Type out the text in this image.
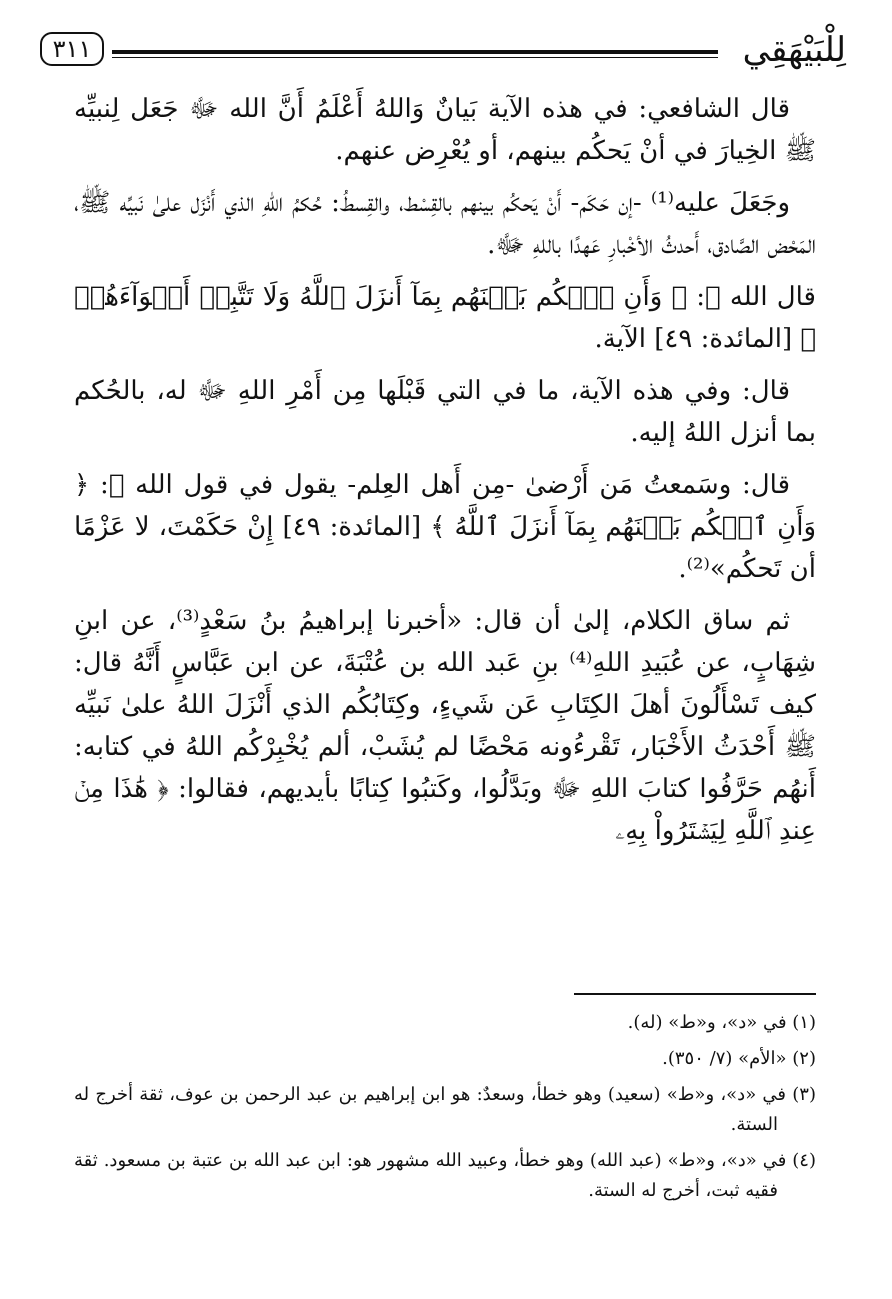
لِلْبَيْهَقِي
٣١١

قال الشافعي: في هذه الآية بَيانٌ وَاللهُ أَعْلَمُ أَنَّ الله ﷻ جَعَل لِنبيِّه ﷺ الخِيارَ في أنْ يَحكُم بينهم، أو يُعْرِض عنهم.

وجَعَلَ عليه⁽¹⁾ -إن حَكَم- أَنْ يَحكُم بينهم بالقِسْط، والقِسطُ: حُكمُ اللهِ الذي أَنْزَل علىٰ نَبيِّه ﷺ، المَحْض الصَّادق، أَحدثُ الأخْبارِ عَهدًا باللهِ ﷻ.

قال الله ﷻ: ﴿ وَأَنِ ٱحۡكُم بَيۡنَهُم بِمَآ أَنزَلَ ٱللَّهُ وَلَا تَتَّبِعۡ أَهۡوَآءَهُمۡ ﴾ [المائدة: ٤٩] الآية.

قال: وفي هذه الآية، ما في التي قَبْلَها مِن أَمْرِ اللهِ ﷻ له، بالحُكم بما أنزل اللهُ إليه.

قال: وسَمعتُ مَن أَرْضىٰ -مِن أَهل العِلم- يقول في قول الله ﷻ: ﴿ وَأَنِ ٱحۡكُم بَيۡنَهُم بِمَآ أَنزَلَ ٱللَّهُ ﴾ [المائدة: ٤٩] إِنْ حَكَمْتَ، لا عَزْمًا أن تَحكُم»⁽²⁾.

ثم ساق الكلام، إلىٰ أن قال: «أخبرنا إبراهيمُ بنُ سَعْدٍ⁽³⁾، عن ابنِ شِهَابٍ، عن عُبَيدِ اللهِ⁽⁴⁾ بنِ عَبد الله بن عُتْبَةَ، عن ابن عَبَّاسٍ أَنَّهُ قال: كيف تَسْأَلُونَ أهلَ الكِتَابِ عَن شَيءٍ، وكِتَابُكُم الذي أَنْزَلَ اللهُ علىٰ نَبيِّه ﷺ أَحْدَثُ الأَخْبَار، تَقْرءُونه مَحْضًا لم يُشَبْ، ألم يُخْبِرْكُم اللهُ في كتابه: أَنهُم حَرَّفُوا كتابَ اللهِ ﷻ وبَدَّلُوا، وكَتبُوا كِتابًا بأيديهم، فقالوا: ﴿ هَٰذَا مِنۡ عِندِ ٱللَّهِ لِيَشۡتَرُواْ بِهِۦ

(١) في «د»، و«ط» (له).

(٢) «الأم» (٧/ ٣٥٠).

(٣) في «د»، و«ط» (سعيد) وهو خطأ، وسعدٌ: هو ابن إبراهيم بن عبد الرحمن بن عوف، ثقة أخرج له الستة.

(٤) في «د»، و«ط» (عبد الله) وهو خطأ، وعبيد الله مشهور هو: ابن عبد الله بن عتبة بن مسعود. ثقة فقيه ثبت، أخرج له الستة.
